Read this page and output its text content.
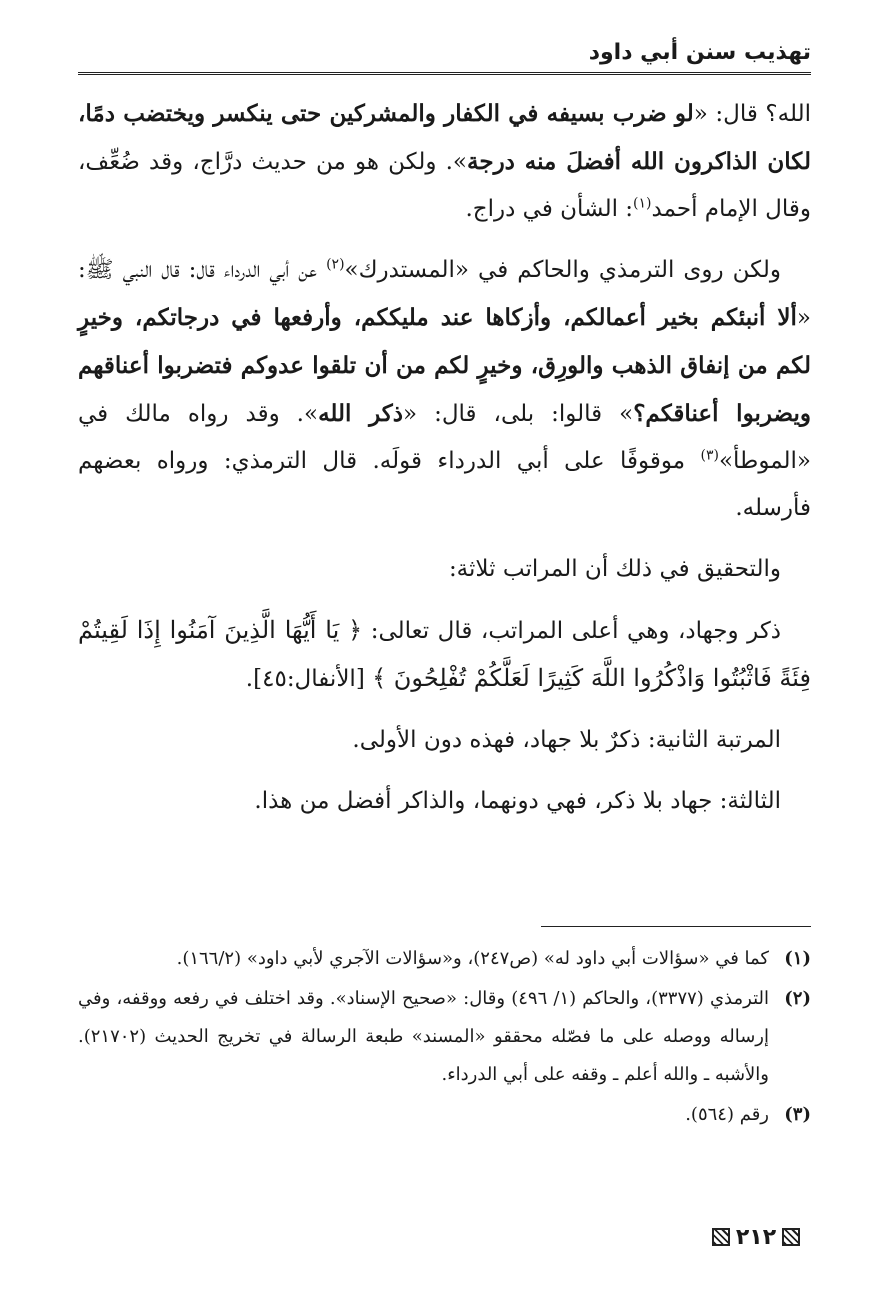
تهذيب سنن أبي داود

الله؟ قال: «لو ضرب بسيفه في الكفار والمشركين حتى ينكسر ويختضب دمًا، لكان الذاكرون الله أفضلَ منه درجة». ولكن هو من حديث درَّاج، وقد ضُعِّف، وقال الإمام أحمد$^{(١)}$: الشأن في دراج.

ولكن روى الترمذي والحاكم في «المستدرك»$^{(٢)}$ عن أبي الدرداء قال: قال النبي ﷺ: «ألا أنبئكم بخير أعمالكم، وأزكاها عند مليككم، وأرفعها في درجاتكم، وخيرٍ لكم من إنفاق الذهب والورِق، وخيرٍ لكم من أن تلقوا عدوكم فتضربوا أعناقهم ويضربوا أعناقكم؟» قالوا: بلى، قال: «ذكر الله». وقد رواه مالك في «الموطأ»$^{(٣)}$ موقوفًا على أبي الدرداء قولَه. قال الترمذي: ورواه بعضهم فأرسله.

والتحقيق في ذلك أن المراتب ثلاثة:

ذكر وجهاد، وهي أعلى المراتب، قال تعالى: ﴿ يَا أَيُّهَا الَّذِينَ آمَنُوا إِذَا لَقِيتُمْ فِئَةً فَاثْبُتُوا وَاذْكُرُوا اللَّهَ كَثِيرًا لَعَلَّكُمْ تُفْلِحُونَ ﴾ [الأنفال:٤٥].

المرتبة الثانية: ذكرٌ بلا جهاد، فهذه دون الأولى.

الثالثة: جهاد بلا ذكر، فهي دونهما، والذاكر أفضل من هذا.

(١)
كما في «سؤالات أبي داود له» (ص٢٤٧)، و«سؤالات الآجري لأبي داود» (١٦٦/٢).
(٢)
الترمذي (٣٣٧٧)، والحاكم (١/ ٤٩٦) وقال: «صحيح الإسناد». وقد اختلف في رفعه ووقفه، وفي إرساله ووصله على ما فصّله محققو «المسند» طبعة الرسالة في تخريج الحديث (٢١٧٠٢). والأشبه ـ والله أعلم ـ وقفه على أبي الدرداء.
(٣)
رقم (٥٦٤).
٢١٢
